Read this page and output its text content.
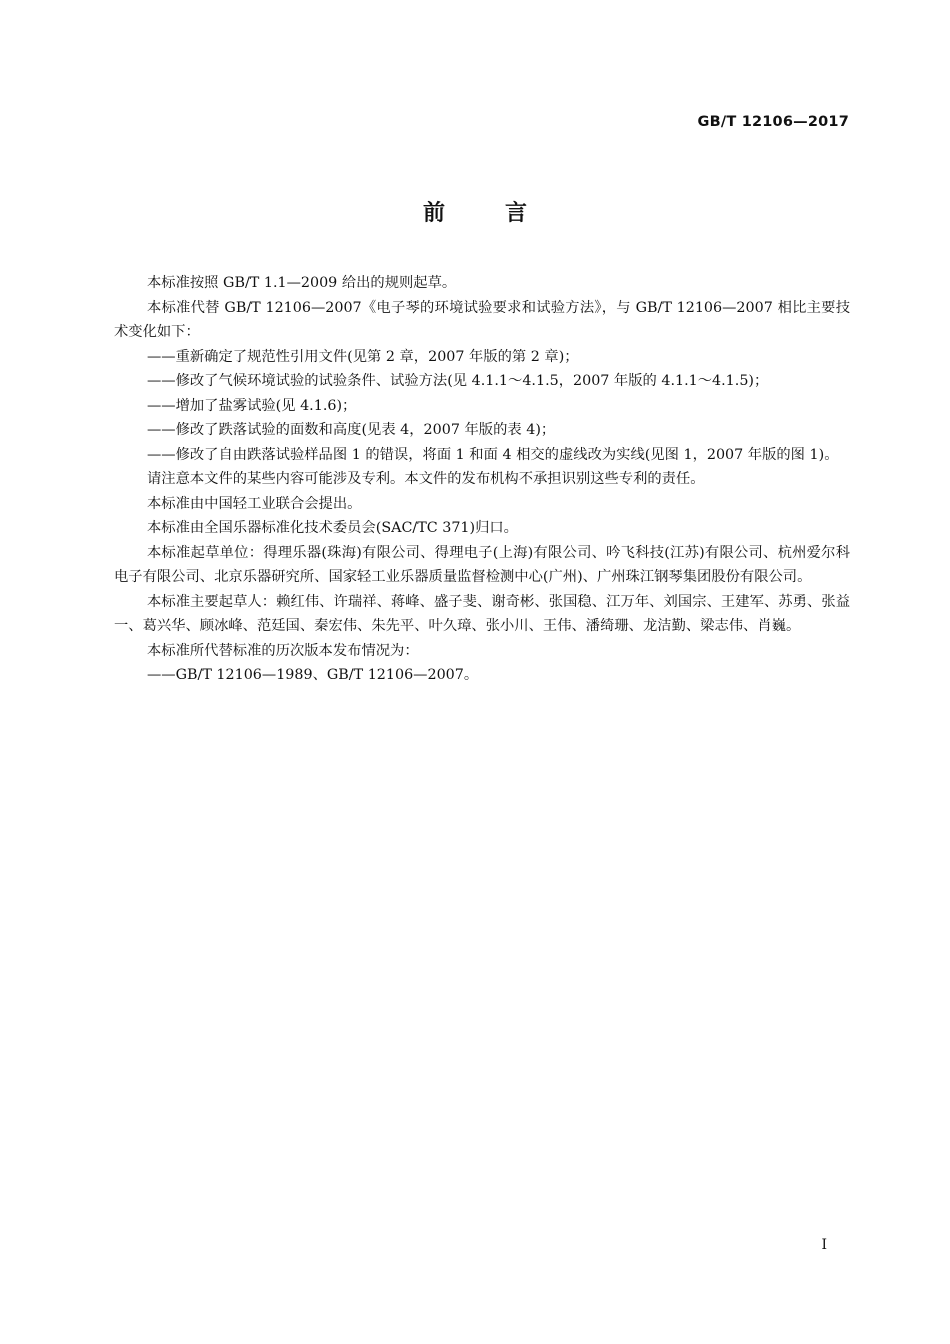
GB/T 12106—2017
前言

本标准按照 GB/T 1.1—2009 给出的规则起草。

本标准代替 GB/T 12106—2007《电子琴的环境试验要求和试验方法》，与 GB/T 12106—2007 相比主要技术变化如下：

——重新确定了规范性引用文件(见第 2 章，2007 年版的第 2 章)；

——修改了气候环境试验的试验条件、试验方法(见 4.1.1～4.1.5，2007 年版的 4.1.1～4.1.5)；

——增加了盐雾试验(见 4.1.6)；

——修改了跌落试验的面数和高度(见表 4，2007 年版的表 4)；

——修改了自由跌落试验样品图 1 的错误，将面 1 和面 4 相交的虚线改为实线(见图 1，2007 年版的图 1)。

请注意本文件的某些内容可能涉及专利。本文件的发布机构不承担识别这些专利的责任。

本标准由中国轻工业联合会提出。

本标准由全国乐器标准化技术委员会(SAC/TC 371)归口。

本标准起草单位：得理乐器(珠海)有限公司、得理电子(上海)有限公司、吟飞科技(江苏)有限公司、杭州爱尔科电子有限公司、北京乐器研究所、国家轻工业乐器质量监督检测中心(广州)、广州珠江钢琴集团股份有限公司。

本标准主要起草人：赖红伟、许瑞祥、蒋峰、盛子斐、谢奇彬、张国稳、江万年、刘国宗、王建军、苏勇、张益一、葛兴华、顾冰峰、范廷国、秦宏伟、朱先平、叶久璋、张小川、王伟、潘绮珊、龙洁勤、梁志伟、肖巍。

本标准所代替标准的历次版本发布情况为：

——GB/T 12106—1989、GB/T 12106—2007。

I
